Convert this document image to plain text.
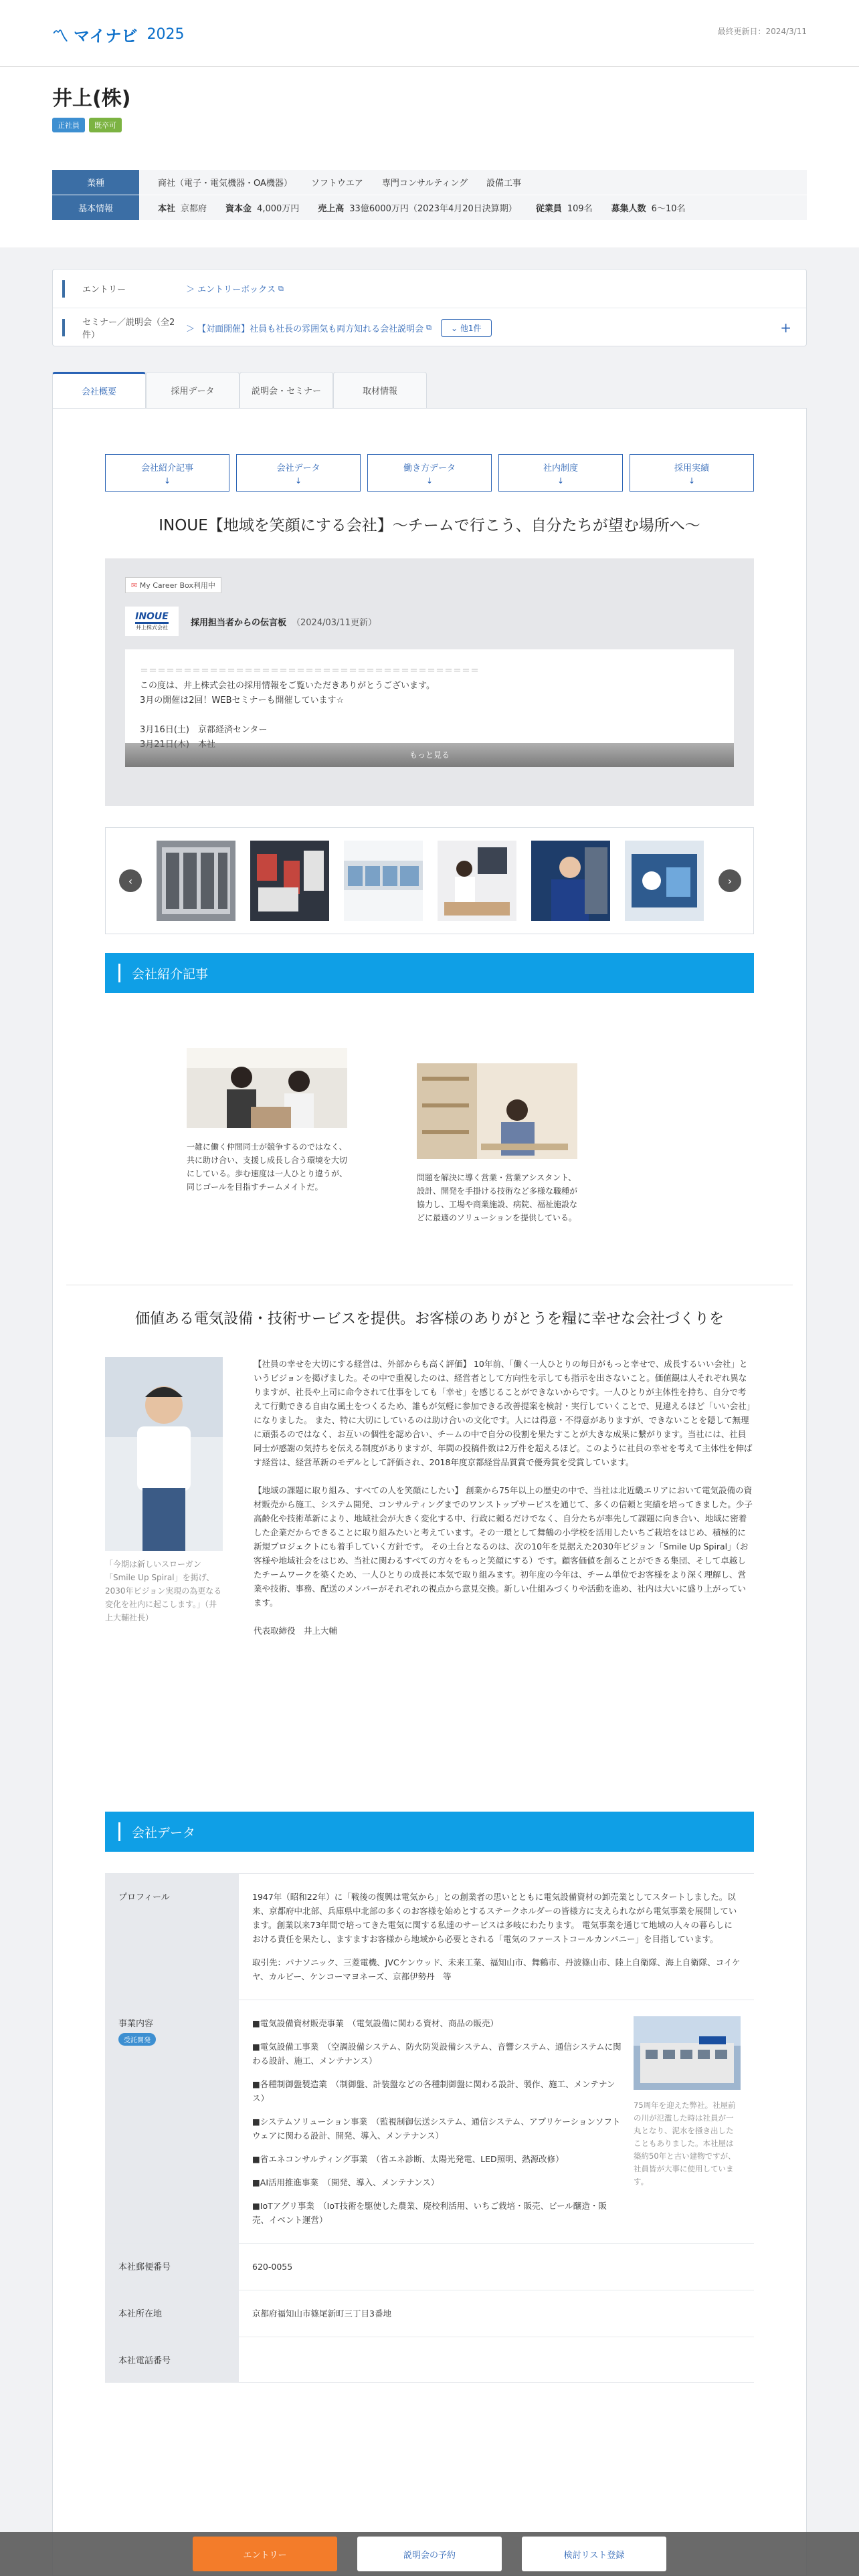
〽 マイナビ 2025	最終更新日：2024/3/11
井上(株)
正社員	既卒可
業種	商社（電子・電気機器・OA機器） ソフトウエア 専門コンサルティング 設備工事
基本情報	本社 京都府 資本金 4,000万円 売上高 33億6000万円（2023年4月20日決算期） 従業員 109名 募集人数 6～10名
エントリー
＞	エントリーボックス ⧉
セミナー／説明会（全2件）
＞ 【対面開催】社員も社長の雰囲気も両方知れる会社説明会 ⧉	⌄ 他1件	+
会社概要	採用データ	説明会・セミナー	取材情報
会社紹介記事
↓
会社データ
↓
働き方データ
↓
社内制度
↓
採用実績
↓
INOUE【地域を笑顔にする会社】～チームで行こう、自分たちが望む場所へ～
✉ My Career Box利用中
INOUE
井上株式会社	採用担当者からの伝言板 （2024/03/11更新）
＝＝＝＝＝＝＝＝＝＝＝＝＝＝＝＝＝＝＝＝＝＝＝＝＝＝＝＝＝＝＝＝＝＝＝＝＝＝＝
この度は、井上株式会社の採用情報をご覧いただきありがとうございます。
3月の開催は2回！WEBセミナーも開催しています☆
3月16日(土)　京都経済センター
もっと見る
‹	›
会社紹介記事
一雑に働く仲間同士が競争するのではなく、共に助け合い、支援し成長し合う環境を大切にしている。歩む速度は一人ひとり違うが、同じゴールを目指すチームメイトだ。
問題を解決に導く営業・営業アシスタント、設計、開発を手掛ける技術など多様な職種が協力し、工場や商業施設、病院、福祉施設などに最適のソリューションを提供している。
価値ある電気設備・技術サービスを提供。お客様のありがとうを糧に幸せな会社づくりを
「今期は新しいスローガン「Smile Up Spiral」を掲げ、2030年ビジョン実現の為更なる変化を社内に起こします。」（井上大輔社長）

【社員の幸せを大切にする経営は、外部からも高く評価】 10年前、「働く一人ひとりの毎日がもっと幸せで、成長するいい会社」というビジョンを掲げました。その中で重視したのは、経営者として方向性を示しても指示を出さないこと。価値観は人それぞれ異なりますが、社長や上司に命令されて仕事をしても「幸せ」を感じることができないからです。一人ひとりが主体性を持ち、自分で考えて行動できる自由な風土をつくるため、誰もが気軽に参加できる改善提案を検討・実行していくことで、見違えるほど「いい会社」になりました。 また、特に大切にしているのは助け合いの文化です。人には得意・不得意がありますが、できないことを隠して無理に頑張るのではなく、お互いの個性を認め合い、チームの中で自分の役割を果たすことが大きな成果に繋がります。当社には、社員同士が感謝の気持ちを伝える制度がありますが、年間の投稿件数は2万件を超えるほど。このように社員の幸せを考えて主体性を伸ばす経営は、経営革新のモデルとして評価され、2018年度京都経営品質賞で優秀賞を受賞しています。

【地域の課題に取り組み、すべての人を笑顔にしたい】 創業から75年以上の歴史の中で、当社は北近畿エリアにおいて電気設備の資材販売から施工、システム開発、コンサルティングまでのワンストップサービスを通じて、多くの信頼と実績を培ってきました。少子高齢化や技術革新により、地域社会が大きく変化する中、行政に頼るだけでなく、自分たちが率先して課題に向き合い、地域に密着した企業だからできることに取り組みたいと考えています。その一環として舞鶴の小学校を活用したいちご栽培をはじめ、積極的に新規プロジェクトにも着手していく方針です。 その土台となるのは、次の10年を見据えた2030年ビジョン「Smile Up Spiral」（お客様や地域社会をはじめ、当社に関わるすべての方々をもっと笑顔にする）です。顧客価値を創ることができる集団、そして卓越したチームワークを築くため、一人ひとりの成長に本気で取り組みます。初年度の今年は、チーム単位でお客様をより深く理解し、営業や技術、事務、配送のメンバーがそれぞれの視点から意見交換。新しい仕組みづくりや活動を進め、社内は大いに盛り上がっています。

代表取締役　井上大輔

会社データ
プロフィール	1947年（昭和22年）に「戦後の復興は電気から」との創業者の思いとともに電気設備資材の卸売業としてスタートしました。以来、京都府中北部、兵庫県中北部の多くのお客様を始めとするステークホルダーの皆様方に支えられながら電気事業を展開しています。創業以来73年間で培ってきた電気に関する私達のサービスは多岐にわたります。 電気事業を通じて地域の人々の暮らしにおける責任を果たし、ますますお客様から地域から必要とされる「電気のファーストコールカンパニー」を目指しています。

取引先：パナソニック、三菱電機、JVCケンウッド、未来工業、福知山市、舞鶴市、丹波篠山市、陸上自衛隊、海上自衛隊、コイケヤ、カルビー、ケンコーマヨネーズ、京都伊勢丹　等

事業内容
受託開発

■電気設備資材販売事業　（電気設備に関わる資材、商品の販売）

■電気設備工事業　（空調設備システム、防火防災設備システム、音響システム、通信システムに関わる設計、施工、メンテナンス）

■各種制御盤製造業　（制御盤、計装盤などの各種制御盤に関わる設計、製作、施工、メンテナンス）

■システムソリューション事業　（監視制御伝送システム、通信システム、アプリケーションソフトウェアに関わる設計、開発、導入、メンテナンス）

■省エネコンサルティング事業　（省エネ診断、太陽光発電、LED照明、熱源改修）

■AI活用推進事業　（開発、導入、メンテナンス）

■IoTアグリ事業　（IoT技術を駆使した農業、廃校利活用、いちご栽培・販売、ビール醸造・販売、イベント運営）

75周年を迎えた弊社。社屋前の川が氾濫した時は社員が一丸となり、泥水を掻き出したこともありました。本社屋は築約50年と古い建物ですが、社員皆が大事に使用しています。
本社郵便番号	620-0055
本社所在地	京都府福知山市篠尾新町三丁目3番地
本社電話番号
エントリー	説明会の予約	検討リスト登録
